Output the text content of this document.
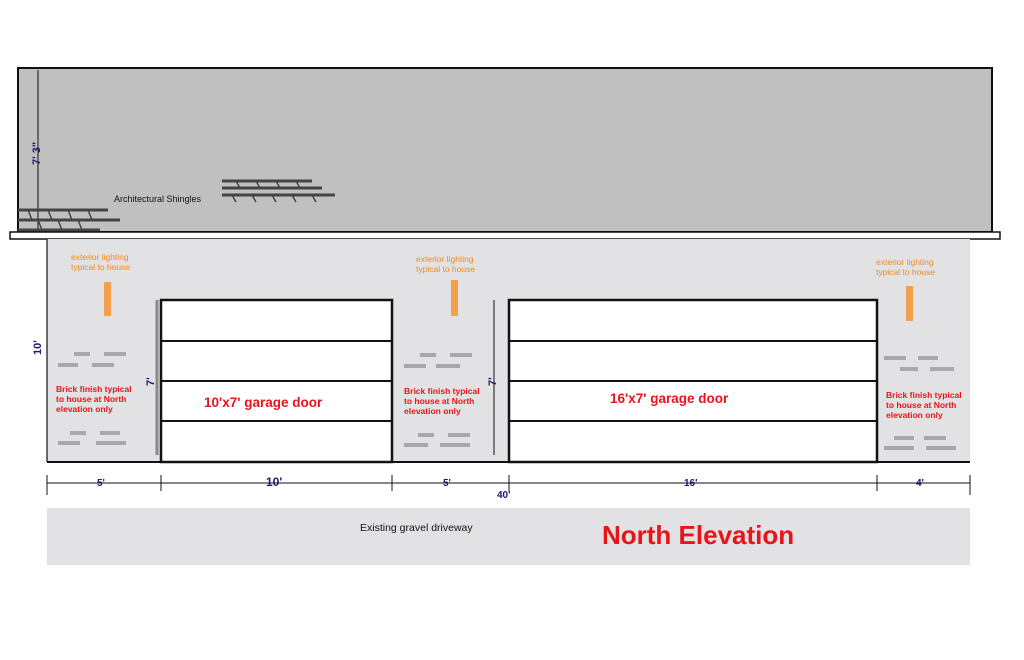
7' 3"
Architectural Shingles
10'
exterior lighting
typical to house
exterior lighting
typical to house
exterior lighting
typical to house
Brick finish typical
to house at North
elevation only
Brick finish typical
to house at North
elevation only
Brick finish typical
to house at North
elevation only
7'
10'x7' garage door
7'
16'x7' garage door
5'	10'	5'	16'	4'
40'
Existing gravel driveway	North Elevation
